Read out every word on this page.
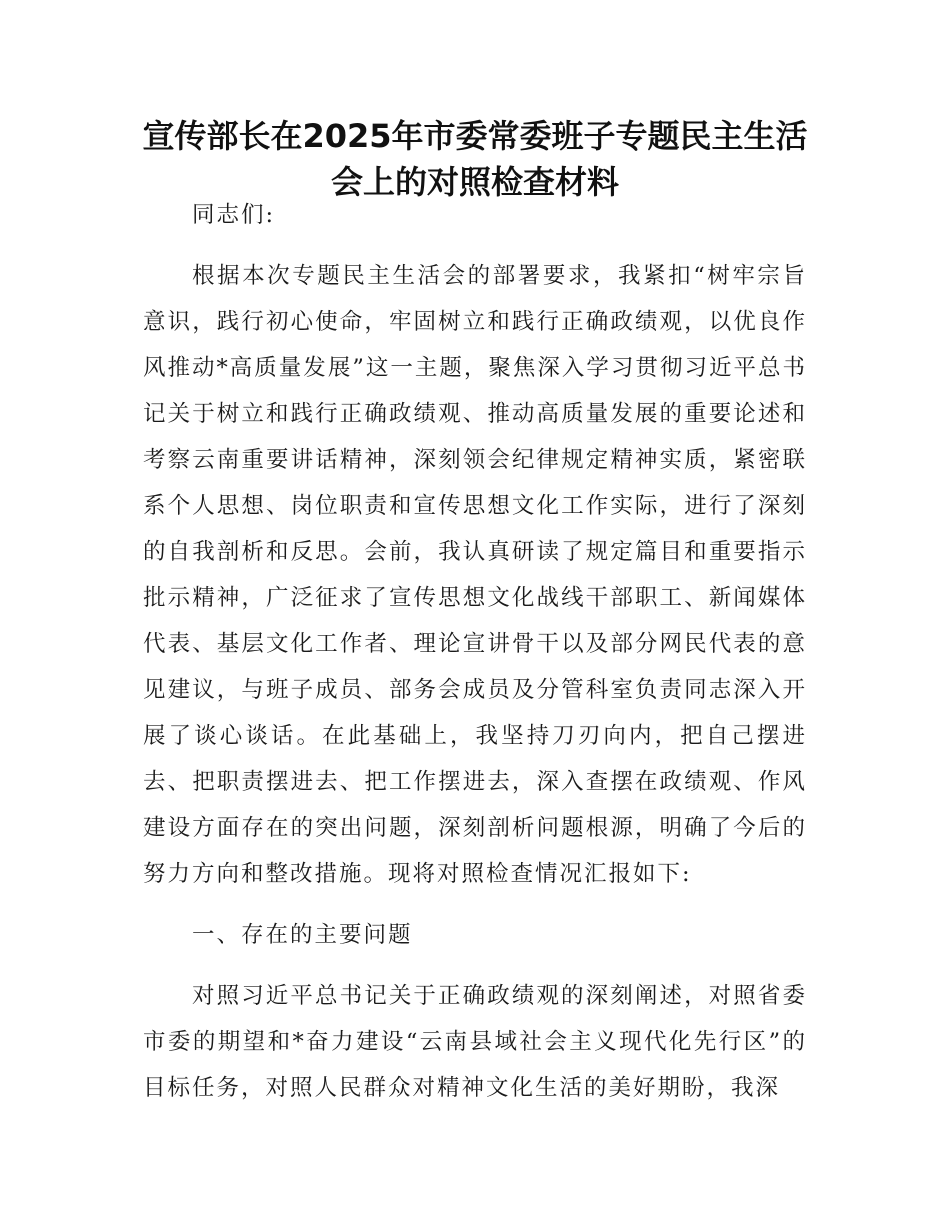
宣传部长在2025年市委常委班子专题民主生活
会上的对照检查材料

同志们:

根据本次专题民主生活会的部署要求，我紧扣“树牢宗旨意识，践行初心使命，牢固树立和践行正确政绩观，以优良作风推动*高质量发展”这一主题，聚焦深入学习贯彻习近平总书记关于树立和践行正确政绩观、推动高质量发展的重要论述和考察云南重要讲话精神，深刻领会纪律规定精神实质，紧密联系个人思想、岗位职责和宣传思想文化工作实际，进行了深刻的自我剖析和反思。会前，我认真研读了规定篇目和重要指示批示精神，广泛征求了宣传思想文化战线干部职工、新闻媒体代表、基层文化工作者、理论宣讲骨干以及部分网民代表的意见建议，与班子成员、部务会成员及分管科室负责同志深入开展了谈心谈话。在此基础上，我坚持刀刃向内，把自己摆进去、把职责摆进去、把工作摆进去，深入查摆在政绩观、作风建设方面存在的突出问题，深刻剖析问题根源，明确了今后的努力方向和整改措施。现将对照检查情况汇报如下:

一、存在的主要问题

对照习近平总书记关于正确政绩观的深刻阐述，对照省委市委的期望和*奋力建设“云南县域社会主义现代化先行区”的目标任务，对照人民群众对精神文化生活的美好期盼，我深
